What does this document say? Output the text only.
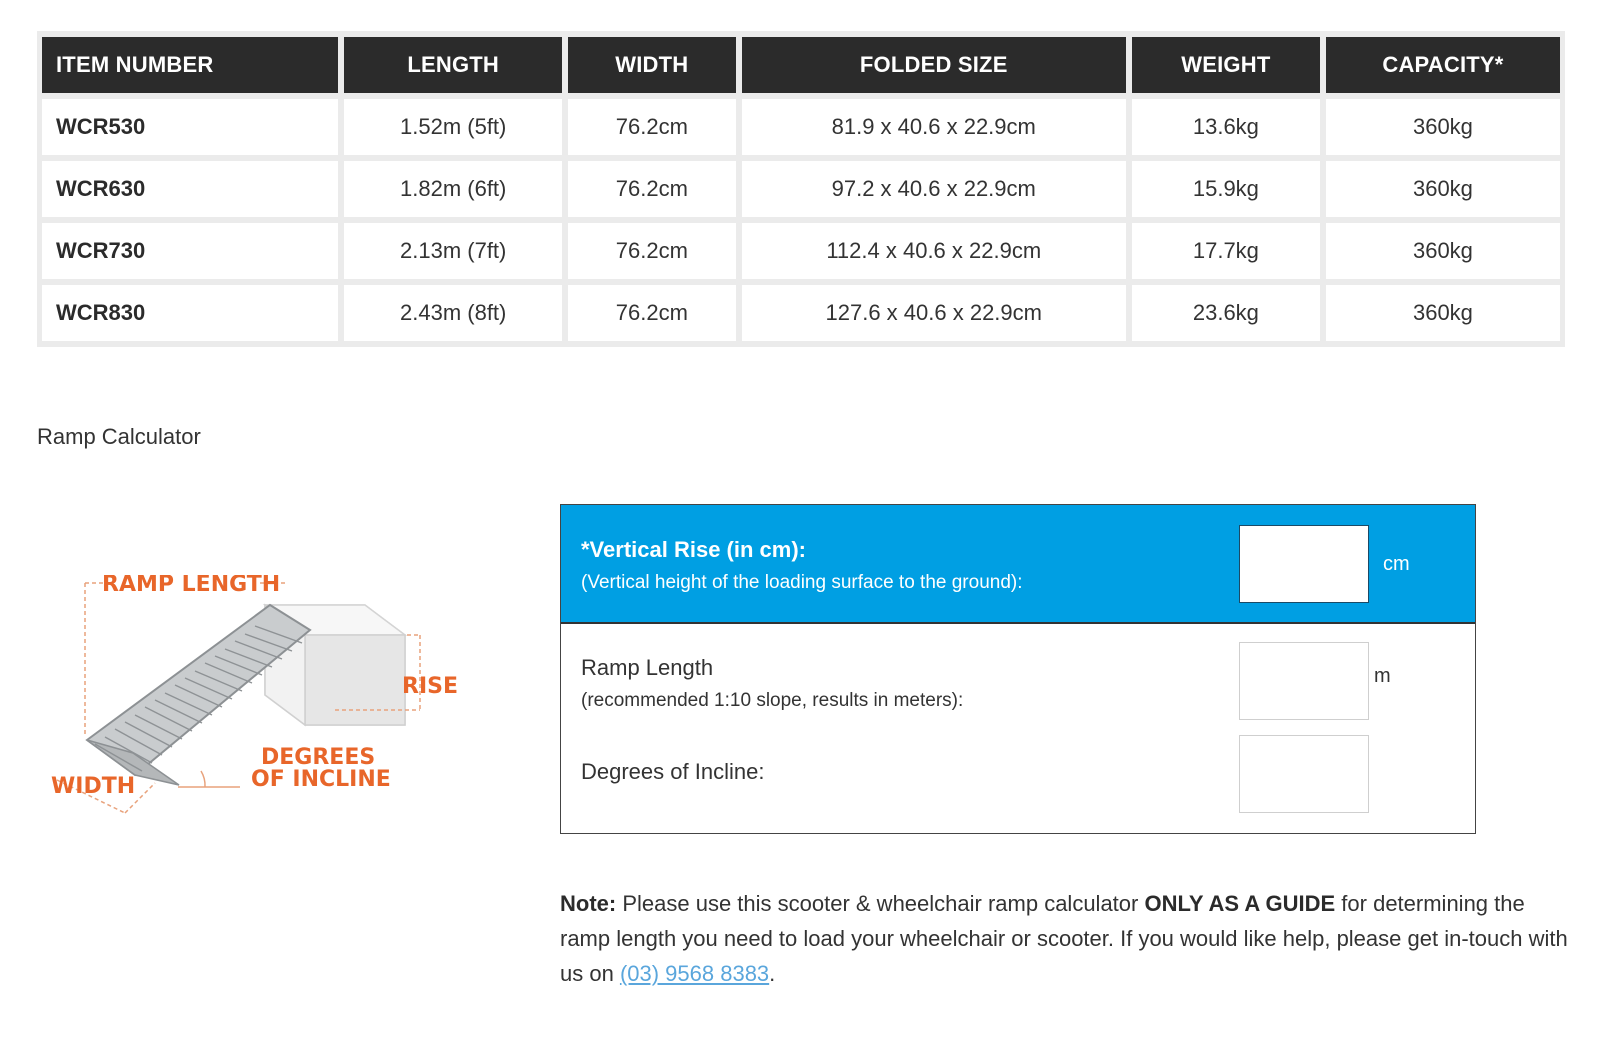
ITEM NUMBER	LENGTH	WIDTH	FOLDED SIZE	WEIGHT	CAPACITY*
WCR530	1.52m (5ft)	76.2cm	81.9 x 40.6 x 22.9cm	13.6kg	360kg
WCR630	1.82m (6ft)	76.2cm	97.2 x 40.6 x 22.9cm	15.9kg	360kg
WCR730	2.13m (7ft)	76.2cm	112.4 x 40.6 x 22.9cm	17.7kg	360kg
WCR830	2.43m (8ft)	76.2cm	127.6 x 40.6 x 22.9cm	23.6kg	360kg
Ramp Calculator
RAMP LENGTH
RISE
WIDTH
DEGREES
OF INCLINE
*Vertical Rise (in cm):
(Vertical height of the loading surface to the ground):
cm
Ramp Length
(recommended 1:10 slope, results in meters):
m
Degrees of Incline:
Note: Please use this scooter & wheelchair ramp calculator ONLY AS A GUIDE for determining the ramp length you need to load your wheelchair or scooter. If you would like help, please get in-touch with us on (03) 9568 8383.
